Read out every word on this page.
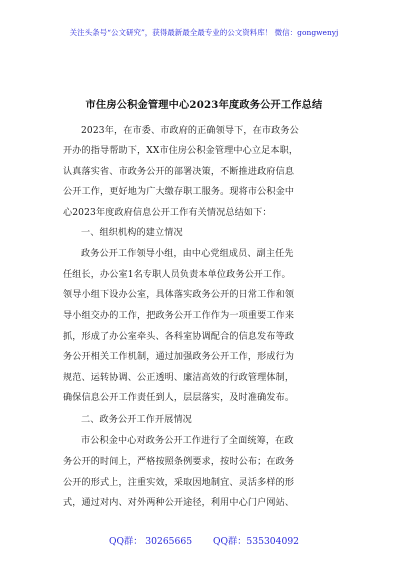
关注头条号“公文研究”，获得最新最全最专业的公文资料库！ 微信：gongwenyj
市住房公积金管理中心2023年度政务公开工作总结
2023年，在市委、市政府的正确领导下，在市政务公
开办的指导帮助下，XX市住房公积金管理中心立足本职，
认真落实省、市政务公开的部署决策，不断推进政府信息
公开工作，更好地为广大缴存职工服务。现将市公积金中
心2023年度政府信息公开工作有关情况总结如下：
一、组织机构的建立情况
政务公开工作领导小组，由中心党组成员、副主任先
任组长，办公室1名专职人员负责本单位政务公开工作。
领导小组下设办公室，具体落实政务公开的日常工作和领
导小组交办的工作，把政务公开工作作为一项重要工作来
抓，形成了办公室牵头、各科室协调配合的信息发布等政
务公开相关工作机制，通过加强政务公开工作，形成行为
规范、运转协调、公正透明、廉洁高效的行政管理体制，
确保信息公开工作责任到人，层层落实，及时准确发布。
二、政务公开工作开展情况
市公积金中心对政务公开工作进行了全面统筹，在政
务公开的时间上，严格按照条例要求，按时公布；在政务
公开的形式上，注重实效，采取因地制宜、灵活多样的形
式，通过对内、对外两种公开途径，利用中心门户网站、
QQ群： 30265665 QQ群：535304092
